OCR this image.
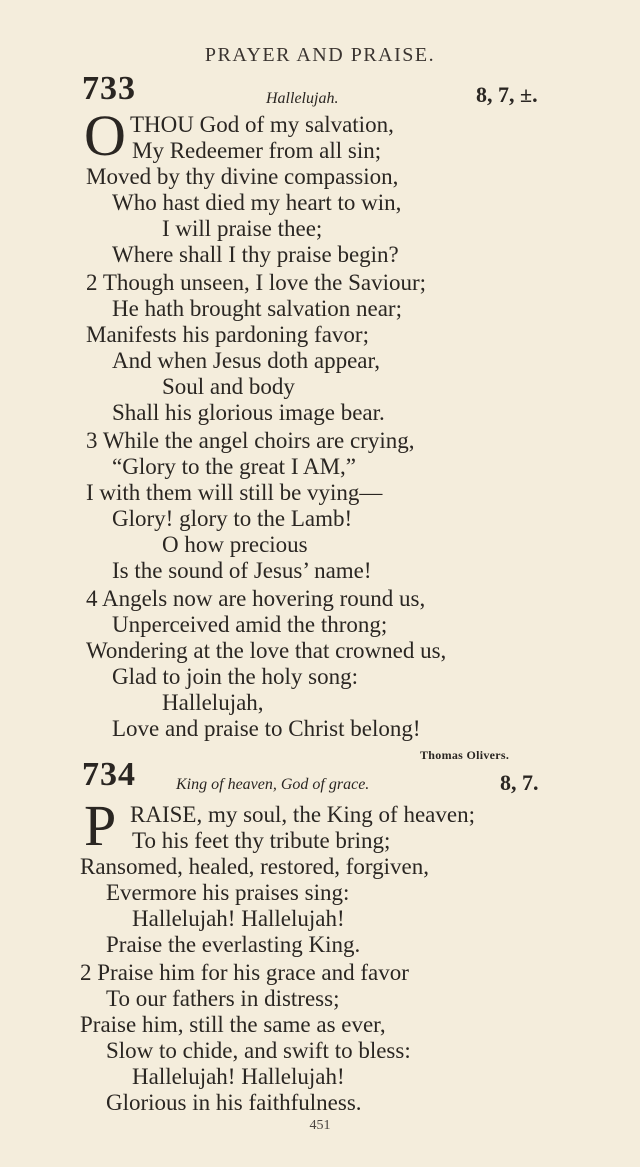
PRAYER AND PRAISE.
733	Hallelujah.	8, 7, ±.
O THOU God of my salvation,
My Redeemer from all sin;
Moved by thy divine compassion,
Who hast died my heart to win,
I will praise thee;
Where shall I thy praise begin?
2 Though unseen, I love the Saviour;
He hath brought salvation near;
Manifests his pardoning favor;
And when Jesus doth appear,
Soul and body
Shall his glorious image bear.
3 While the angel choirs are crying,
“Glory to the great I AM,”
I with them will still be vying—
Glory! glory to the Lamb!
O how precious
Is the sound of Jesus’ name!
4 Angels now are hovering round us,
Unperceived amid the throng;
Wondering at the love that crowned us,
Glad to join the holy song:
Hallelujah,
Love and praise to Christ belong!
Thomas Olivers.
734	King of heaven, God of grace.	8, 7.
P RAISE, my soul, the King of heaven;
To his feet thy tribute bring;
Ransomed, healed, restored, forgiven,
Evermore his praises sing:
Hallelujah! Hallelujah!
Praise the everlasting King.
2 Praise him for his grace and favor
To our fathers in distress;
Praise him, still the same as ever,
Slow to chide, and swift to bless:
Hallelujah! Hallelujah!
Glorious in his faithfulness.
451
